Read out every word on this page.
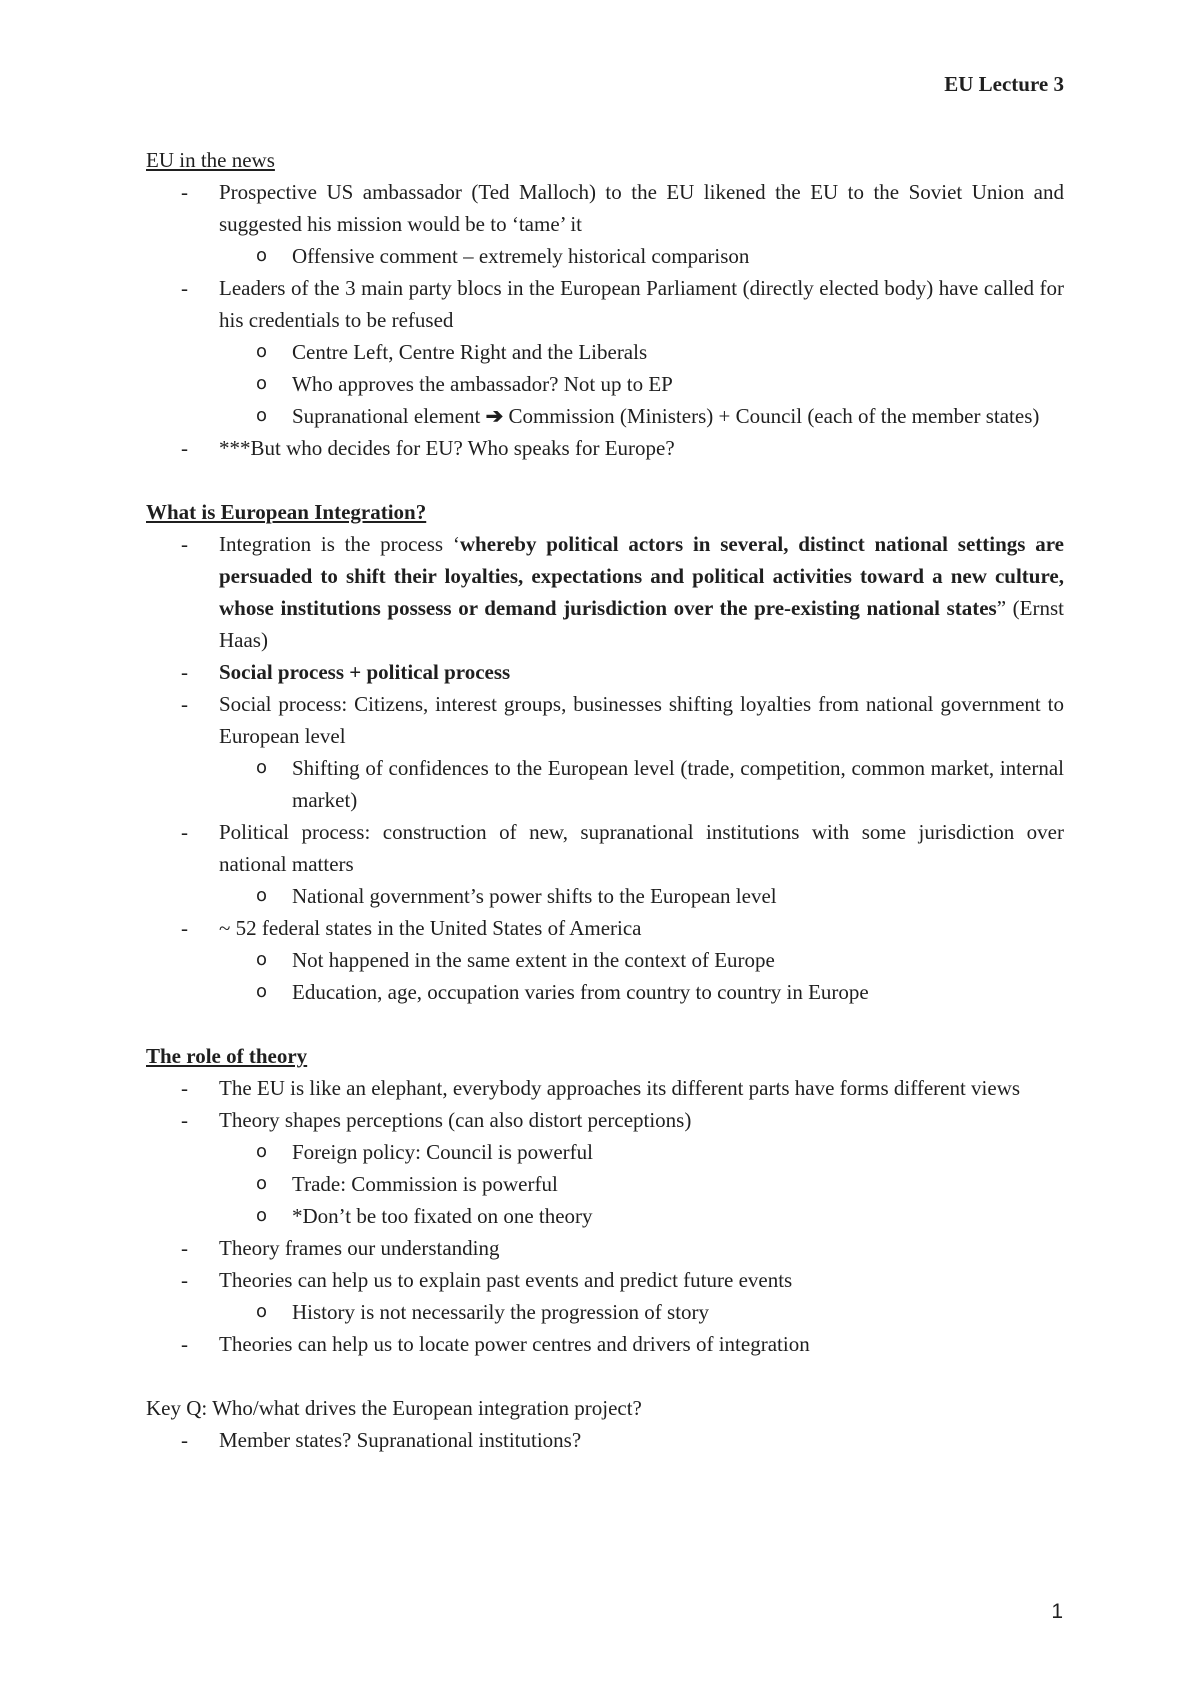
EU Lecture 3

EU in the news

- Prospective US ambassador (Ted Malloch) to the EU likened the EU to the Soviet Union and suggested his mission would be to ‘tame’ it
o Offensive comment – extremely historical comparison
- Leaders of the 3 main party blocs in the European Parliament (directly elected body) have called for his credentials to be refused
o Centre Left, Centre Right and the Liberals
o Who approves the ambassador? Not up to EP
o Supranational element ➔ Commission (Ministers) + Council (each of the member states)
- ***But who decides for EU? Who speaks for Europe?

What is European Integration?

- Integration is the process ‘whereby political actors in several, distinct national settings are persuaded to shift their loyalties, expectations and political activities toward a new culture, whose institutions possess or demand jurisdiction over the pre-existing national states” (Ernst Haas)
- Social process + political process
- Social process: Citizens, interest groups, businesses shifting loyalties from national government to European level
o Shifting of confidences to the European level (trade, competition, common market, internal market)
- Political process: construction of new, supranational institutions with some jurisdiction over national matters
o National government’s power shifts to the European level
- ~ 52 federal states in the United States of America
o Not happened in the same extent in the context of Europe
o Education, age, occupation varies from country to country in Europe

The role of theory

- The EU is like an elephant, everybody approaches its different parts have forms different views
- Theory shapes perceptions (can also distort perceptions)
o Foreign policy: Council is powerful
o Trade: Commission is powerful
o *Don’t be too fixated on one theory
- Theory frames our understanding
- Theories can help us to explain past events and predict future events
o History is not necessarily the progression of story
- Theories can help us to locate power centres and drivers of integration

Key Q: Who/what drives the European integration project?

- Member states? Supranational institutions?
1
